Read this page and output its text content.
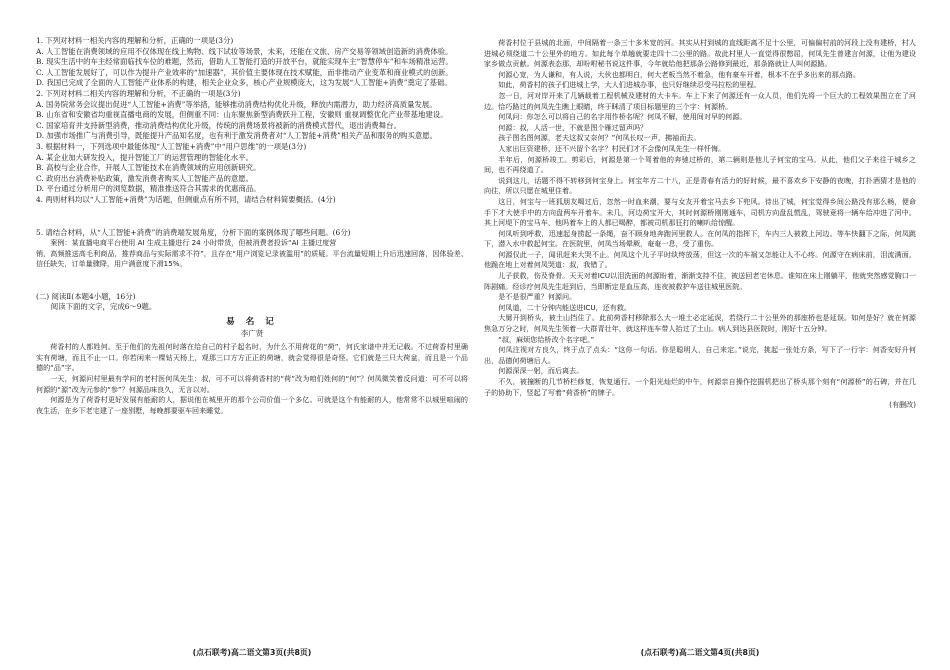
1. 下列对材料一相关内容的理解和分析，正确的一项是(3分)

A. 人工智能在消费领域的应用不仅体现在线上购物、线下试妆等场景，未来，还能在文旅、房产交易等领域创造新的消费体验。

B. 现实生活中的车主经常面临找车位的难题，然而，借助人工智能打造的开放平台，就能实现车主“智慧停车”和车场精准运营。

C. 人工智能发展好了，可以作为提升产业效率的“加速器”，其价值主要体现在技术赋能，而非推动产业变革和商业模式的创新。

D. 我国已完成了全面的人工智能产业体系的构建，相关企业众多，核心产业规模庞大，这为发展“人工智能+消费”奠定了基础。

2. 下列对材料二相关内容的理解和分析，不正确的一项是(3分)

A. 国务院常务会议提出促进“人工智能+消费”等举措，能够推动消费结构优化升级，释放内需潜力，助力经济高质量发展。

B. 山东省和安徽省均重视直播电商的发展，但侧重不同：山东聚焦新型消费跃升工程，安徽则 重视调整优化产业带基地建设。

C. 国家培育并支持新型消费，推动消费结构优化升级，传统的消费场景将被新的消费模式替代，退出消费舞台。

D. 加强市场推广与消费引导，既能提升产品知名度，也有利于激发消费者对“人工智能+消费”相关产品和服务的购买意愿。

3. 根据材料一，下列选项中最能体现“人工智能+消费”中“用户思维”的一项是(3分)

A. 某企业加大研发投入，提升智能工厂的运营管理的智能化水平。

B. 高校与企业合作，开展人工智能技术在消费领域的应用创新研究。

C. 政府出台消费补贴政策，激发消费者购买人工智能产品的意愿。

D. 平台通过分析用户的浏览数据，精准推送符合其需求的优惠商品。

4. 两则材料均以“人工智能+消费”为话题，但侧重点有所不同，请结合材料简要概括。(4分)

5. 请结合材料，从“人工智能+消费”的消费端发展角度，分析下面的案例体现了哪些问题。(6分)

案例：某直播电商平台使用 AI 生成主播进行 24 小时带货，但被消费者投诉“AI 主播过度营

销，高频推送高毛利商品，推荐商品与实际需求不符”，且存在“用户浏览记录被滥用”的质疑。平台流量短期上升后迅速回落，因体验差、信任缺失，订单量骤降，用户满意度下滑15%。

(二) 阅读Ⅱ(本题4小题，16分)

阅读下面的文字，完成6～9题。

易 名 记

李广贤

荷香村的人都姓何。至于他们的先祖何时落在给自己的村子起名时，为什么不用荷花的“荷”，何氏家谱中并无记载。不过荷香村里确实有荷塘，而且不止一口。你若闲来一棵钻天杨上，观那三口方方正正的荷塘，就会觉得很是奇怪。它们就是三只大荷盆，而且是一个品德的“品”字。

一天，何源问村里最有学问的老村医何凤先生：叔，可不可以将荷香村的“荷”改为咱们姓何的“何”？何凤微笑着反问道：可不可以将何源的“源”改为元参的“参”？何源品味良久，无言以对。

何源是为了荷香村更好发展有能耐的人，据说他在城里开的那个公司价值一个多亿。可就是这个有能耐的人，他常常不以城里喧闹的夜生活，在乡下老宅建了一座别墅，每晚都要驱车回来睡觉。

荷香村位于县城的北面，中间隔着一条三十多米宽的河。其实从村到城的直线距离不足十公里，可偏偏村前的河段上没有建桥，村人进城必须绕道二十公里外的地方。如此每个单趟就要走四十二公里的路。故此村里人一直觉得很憋屈，何凤先生曾建言何源，让他为建设家乡做点贡献。何源表态那，却吩咐秘书说这件事，今年就给他把那条公路修到最近，那条路就让人叫何源路。

何源心宽，为人谦和，有人说，大伙也都明白，何大老板当然不着急，他有豪车开着，根本不在乎多出来的那点路。

如此，荷香村的孩子们进城上学，大人们进城办事，也只好继续忍受马拉松的里程。

忽一日，河对岸开来了几辆载着工程机械及建材的大卡车。车上下来了何源还有一众人员，他们先将一个巨大的工程效果图立在了河边。恰巧路过的何凤先生瞧上眼睛，终于眯清了项目标题里的三个字：何源桥。

何凤问：你怎么可以将自己的名字用作桥名呢？何凤不解，使用间对早的何源。

何源：叔，人活一世，不就是图个雁过留声吗？

孩子图名图何源，老夫这叔又奈何？”何凤长叹一声，拂袖而去。

人家出巨资建桥，还不兴留个名字？村民们才不会像何凤先生一样忏悔。

半年后，何源桥竣工。剪彩后，何源是第一个驾着他的奔驰过桥的，第二辆则是他儿子何宝的宝马。从此，他们父子来往于城乡之间，也不再绕道了。

说到这儿，话题不得不转移到何宝身上。何宝年方二十八，正是青春有活力的好时候，最不喜欢乡下安静的夜晚，打扑酒猜才是他的向往，所以只愿在城里住着。

这日，何宝与一班狐朋友喝过后，忽然一时血来潮，要与女友开着宝马去乡下兜风。待出了城，何宝觉得乡间公路没有那么畅，便命手下才大使手中的方向盘两车开着车。未几，河边荷宝开大，其时何源桥刚刚通车，司机方向盘乱慌乱，驾驶竟将一辆车给冲进了河中。其上河堤下的宝马车，他吗着车上的人都已喝醉，都被司机那狂打的喇叭给惊醒。

何凤听到呼救，迅速起身捞起一条绳，奋不顾身地奔跑河里救人。在何凤的指挥下，车内三人被救上河边。等车快翻下之际，何凤跳下，潜入水中救起何宝。在医院里，何凤当场晕厥，奄奄一息，受了重伤。

何源仅此一子，闻讯赶来大哭不止。何凤这个儿子平时纨绔放荡，但这一次的车祸又怎能让人不心疼。何源守在病床前，泪流满面，他跪在地上对着何凤哭道：叔，我错了。

儿子获救，伤及脊骨。天天对着ICU以泪洗面的何源盼着，渐渐支持不住，被送回老宅休息。谁知在床上刚躺平，他就突然感觉胸口一阵剧痛。经诊疗何凤先生赶到后，当即断定是血压高，连夜被救护车送往城里医院。

是不是很严重？何源问。

何凤道，二十分钟内能送进ICU，还有救。

大舅开到桥头，被土山挡住了。此前荷香村移除那么大一堆土必定延误，若绕行二十公里外的那座桥也是延误。如何是好？就在何源焦急万分之时，何凤先生领着一大群青壮年，就这样连车带人抬过了土山。病人到达县医院时，刚好十五分钟。

“叔，麻烦您给桥改个名字吧。”

何凤注视对方良久，终于点了点头：“这你一句话。你是聪明人，自己来定。”说完，挑起一张处方条，写下了一行字：何香安好升何出，品德何荷塘后人。

何源深深一躬，而后离去。

不久，被撞断的几节桥栏修复，恢复通行。一个阳光灿烂的中午，何源亲自操作挖掘机把出了桥头那个刻有“何源桥”的石碑，并在几子的协助下，竖起了写着“荷香桥”的牌子。

(有删改)

(点石联考)高二语文第3页(共8页)	(点石联考)高二语文第4页(共8页)
